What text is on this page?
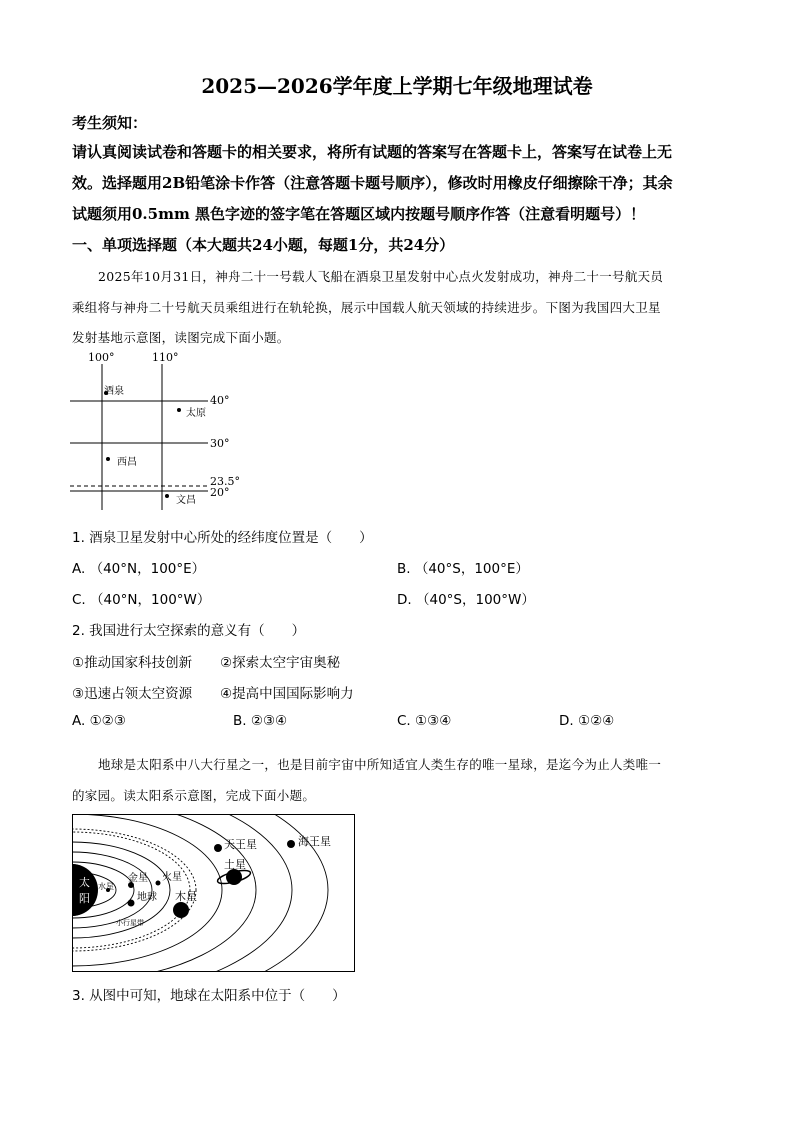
2025—2026学年度上学期七年级地理试卷
考生须知：
请认真阅读试卷和答题卡的相关要求，将所有试题的答案写在答题卡上，答案写在试卷上无
效。选择题用2B铅笔涂卡作答（注意答题卡题号顺序），修改时用橡皮仔细擦除干净；其余
试题须用0.5mm 黑色字迹的签字笔在答题区域内按题号顺序作答（注意看明题号）！
一、单项选择题（本大题共24小题，每题1分，共24分）
2025年10月31日，神舟二十一号载人飞船在酒泉卫星发射中心点火发射成功，神舟二十一号航天员
乘组将与神舟二十号航天员乘组进行在轨轮换，展示中国载人航天领域的持续进步。下图为我国四大卫星
发射基地示意图，读图完成下面小题。
100°	110°
40°
30°
23.5°
20°
酒泉
太原
西昌
文昌
1. 酒泉卫星发射中心所处的经纬度位置是（　　）
A. （40°N，100°E）	B. （40°S，100°E）
C. （40°N，100°W）	D. （40°S，100°W）
2. 我国进行太空探索的意义有（　　）
①推动国家科技创新 ②探索太空宇宙奥秘
③迅速占领太空资源 ④提高中国国际影响力
A. ①②③	B. ②③④	C. ①③④	D. ①②④
地球是太阳系中八大行星之一，也是目前宇宙中所知适宜人类生存的唯一星球，是迄今为止人类唯一
的家园。读太阳系示意图，完成下面小题。
太
阳
水星
金星
地球
火星
小行星带
木星
土星
天王星	海王星
3. 从图中可知，地球在太阳系中位于（　　）
